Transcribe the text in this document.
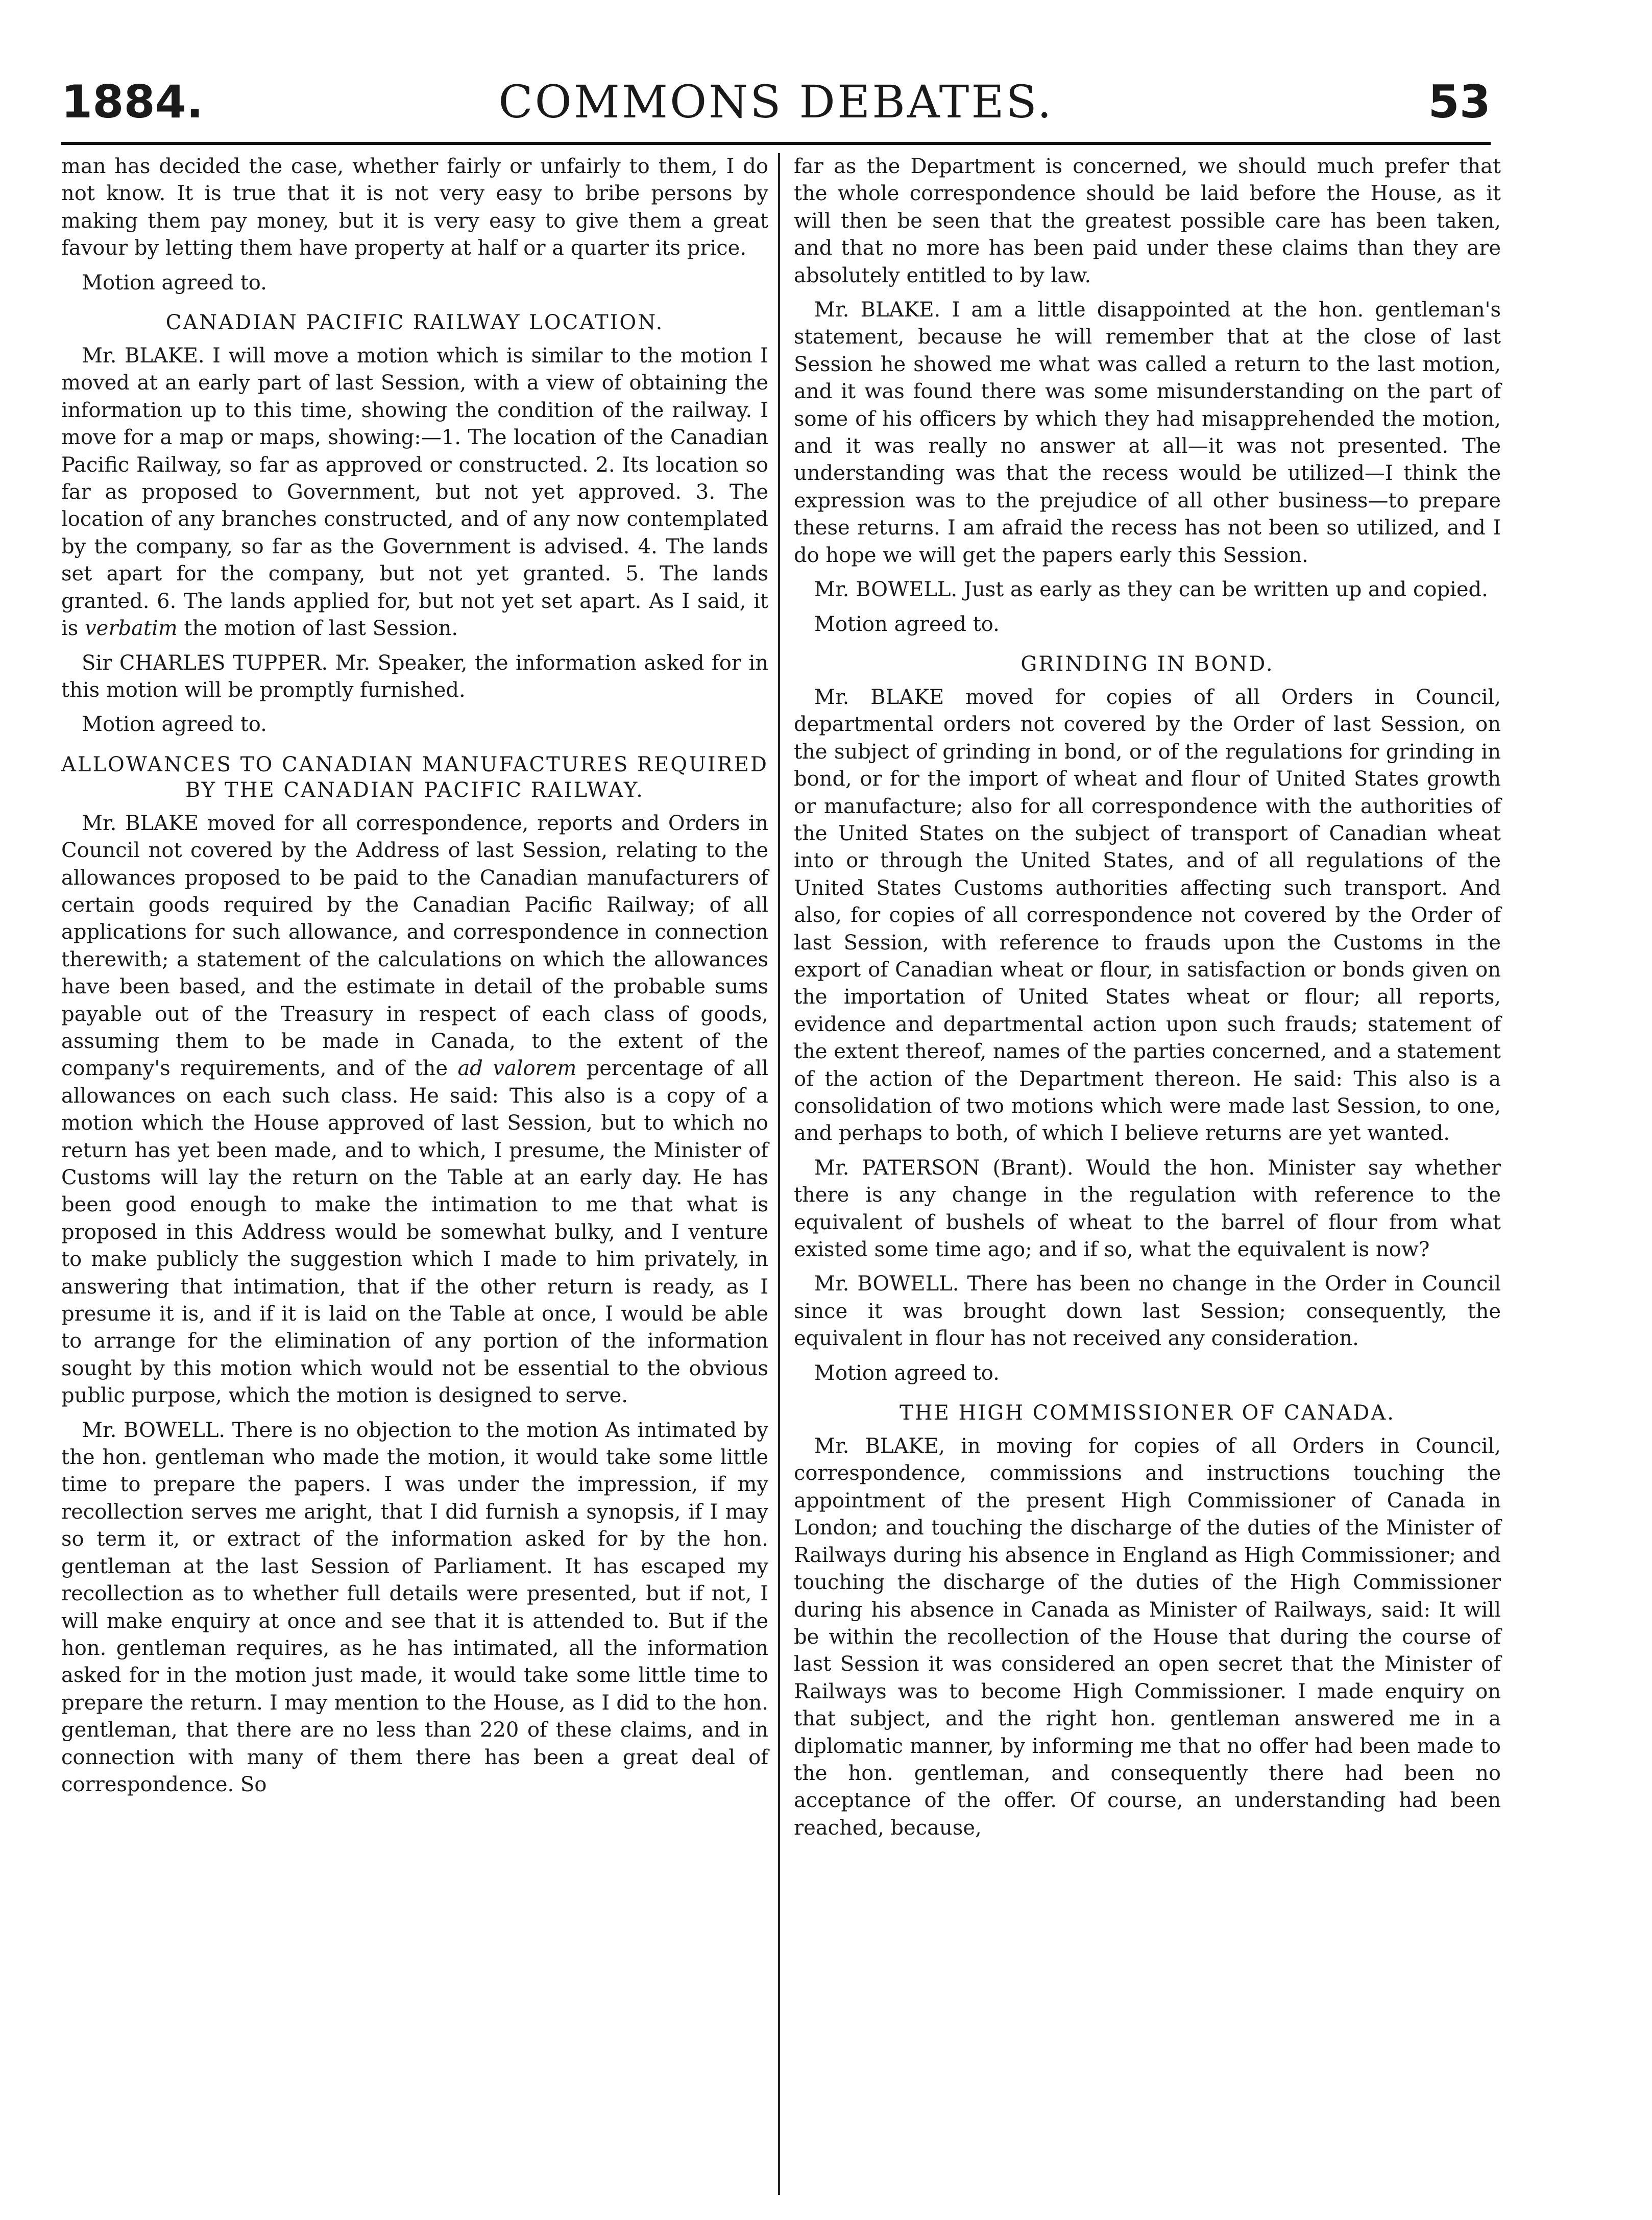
COMMONS DEBATES.
1884.	53

man has decided the case, whether fairly or unfairly to them, I do not know. It is true that it is not very easy to bribe persons by making them pay money, but it is very easy to give them a great favour by letting them have property at half or a quarter its price.

Motion agreed to.

CANADIAN PACIFIC RAILWAY LOCATION.

Mr. BLAKE. I will move a motion which is similar to the motion I moved at an early part of last Session, with a view of obtaining the information up to this time, showing the condition of the railway. I move for a map or maps, showing:—1. The location of the Canadian Pacific Railway, so far as approved or constructed. 2. Its location so far as proposed to Government, but not yet approved. 3. The location of any branches constructed, and of any now contemplated by the company, so far as the Government is advised. 4. The lands set apart for the company, but not yet granted. 5. The lands granted. 6. The lands applied for, but not yet set apart. As I said, it is verbatim the motion of last Session.

Sir CHARLES TUPPER. Mr. Speaker, the information asked for in this motion will be promptly furnished.

Motion agreed to.

ALLOWANCES TO CANADIAN MANUFACTURES REQUIRED BY THE CANADIAN PACIFIC RAILWAY.

Mr. BLAKE moved for all correspondence, reports and Orders in Council not covered by the Address of last Session, relating to the allowances proposed to be paid to the Canadian manufacturers of certain goods required by the Canadian Pacific Railway; of all applications for such allowance, and correspondence in connection therewith; a statement of the calculations on which the allowances have been based, and the estimate in detail of the probable sums payable out of the Treasury in respect of each class of goods, assuming them to be made in Canada, to the extent of the company's requirements, and of the ad valorem percentage of all allowances on each such class. He said: This also is a copy of a motion which the House approved of last Session, but to which no return has yet been made, and to which, I presume, the Minister of Customs will lay the return on the Table at an early day. He has been good enough to make the intimation to me that what is proposed in this Address would be somewhat bulky, and I venture to make publicly the suggestion which I made to him privately, in answering that intimation, that if the other return is ready, as I presume it is, and if it is laid on the Table at once, I would be able to arrange for the elimination of any portion of the information sought by this motion which would not be essential to the obvious public purpose, which the motion is designed to serve.

Mr. BOWELL. There is no objection to the motion As intimated by the hon. gentleman who made the motion, it would take some little time to prepare the papers. I was under the impression, if my recollection serves me aright, that I did furnish a synopsis, if I may so term it, or extract of the information asked for by the hon. gentleman at the last Session of Parliament. It has escaped my recollection as to whether full details were presented, but if not, I will make enquiry at once and see that it is attended to. But if the hon. gentleman requires, as he has intimated, all the information asked for in the motion just made, it would take some little time to prepare the return. I may mention to the House, as I did to the hon. gentleman, that there are no less than 220 of these claims, and in connection with many of them there has been a great deal of correspondence. So

far as the Department is concerned, we should much prefer that the whole correspondence should be laid before the House, as it will then be seen that the greatest possible care has been taken, and that no more has been paid under these claims than they are absolutely entitled to by law.

Mr. BLAKE. I am a little disappointed at the hon. gentleman's statement, because he will remember that at the close of last Session he showed me what was called a return to the last motion, and it was found there was some misunderstanding on the part of some of his officers by which they had misapprehended the motion, and it was really no answer at all—it was not presented. The understanding was that the recess would be utilized—I think the expression was to the prejudice of all other business—to prepare these returns. I am afraid the recess has not been so utilized, and I do hope we will get the papers early this Session.

Mr. BOWELL. Just as early as they can be written up and copied.

Motion agreed to.

GRINDING IN BOND.

Mr. BLAKE moved for copies of all Orders in Council, departmental orders not covered by the Order of last Session, on the subject of grinding in bond, or of the regulations for grinding in bond, or for the import of wheat and flour of United States growth or manufacture; also for all correspondence with the authorities of the United States on the subject of transport of Canadian wheat into or through the United States, and of all regulations of the United States Customs authorities affecting such transport. And also, for copies of all correspondence not covered by the Order of last Session, with reference to frauds upon the Customs in the export of Canadian wheat or flour, in satisfaction or bonds given on the importation of United States wheat or flour; all reports, evidence and departmental action upon such frauds; statement of the extent thereof, names of the parties concerned, and a statement of the action of the Department thereon. He said: This also is a consolidation of two motions which were made last Session, to one, and perhaps to both, of which I believe returns are yet wanted.

Mr. PATERSON (Brant). Would the hon. Minister say whether there is any change in the regulation with reference to the equivalent of bushels of wheat to the barrel of flour from what existed some time ago; and if so, what the equivalent is now?

Mr. BOWELL. There has been no change in the Order in Council since it was brought down last Session; consequently, the equivalent in flour has not received any consideration.

Motion agreed to.

THE HIGH COMMISSIONER OF CANADA.

Mr. BLAKE, in moving for copies of all Orders in Council, correspondence, commissions and instructions touching the appointment of the present High Commissioner of Canada in London; and touching the discharge of the duties of the Minister of Railways during his absence in England as High Commissioner; and touching the discharge of the duties of the High Commissioner during his absence in Canada as Minister of Railways, said: It will be within the recollection of the House that during the course of last Session it was considered an open secret that the Minister of Railways was to become High Commissioner. I made enquiry on that subject, and the right hon. gentleman answered me in a diplomatic manner, by informing me that no offer had been made to the hon. gentleman, and consequently there had been no acceptance of the offer. Of course, an understanding had been reached, because,
